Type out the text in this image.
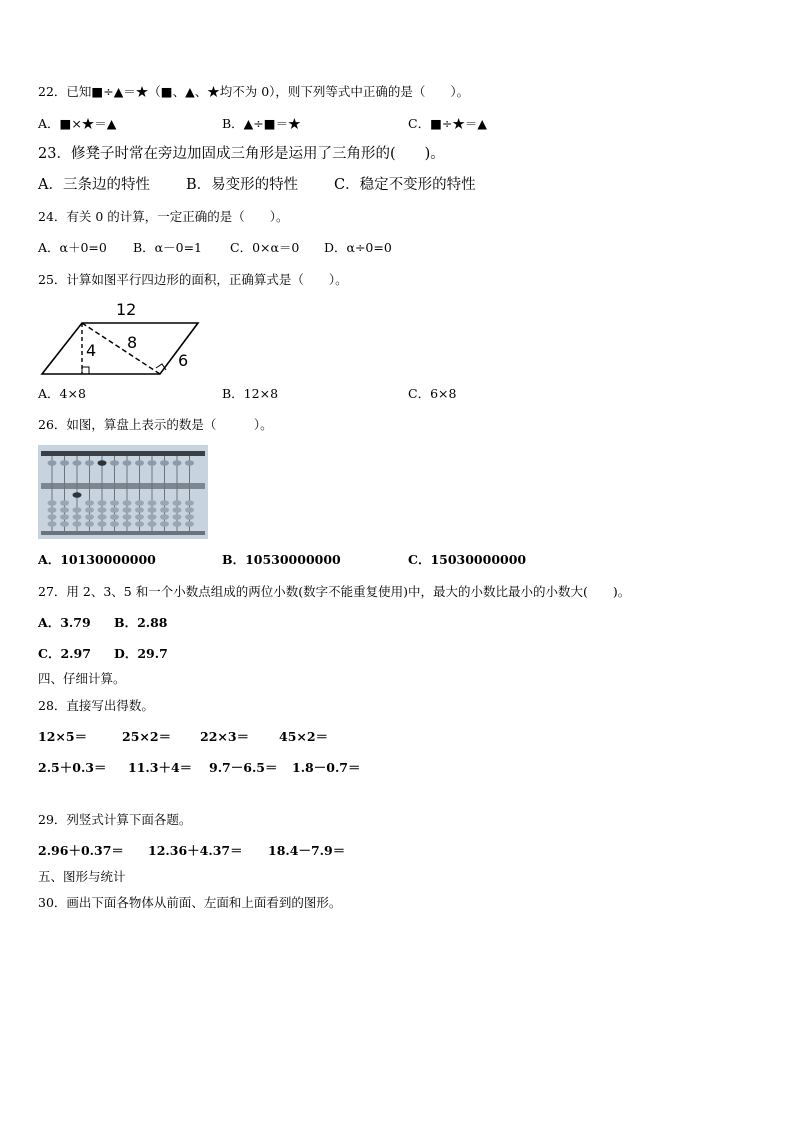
22．已知■÷▲＝★（■、▲、★均不为 0），则下列等式中正确的是（　　）。
A．■×★＝▲	B．▲÷■＝★	C．■÷★＝▲
23．修凳子时常在旁边加固成三角形是运用了三角形的(　　)。
A．三条边的特性 B．易变形的特性 C．稳定不变形的特性
24．有关 0 的计算，一定正确的是（　　）。
A．α＋0=0 B．α－0=1 C．0×α＝0 D．α÷0=0
25．计算如图平行四边形的面积，正确算式是（　　）。
12
8
4
6
A．4×8	B．12×8	C．6×8
26．如图，算盘上表示的数是（　　　）。
A．10130000000	B．10530000000	C．15030000000
27．用 2、3、5 和一个小数点组成的两位小数(数字不能重复使用)中，最大的小数比最小的小数大(　　)。
A．3.79 B．2.88
C．2.97 D．29.7
四、仔细计算。
28．直接写出得数。
12×5＝	25×2＝ 22×3＝ 45×2＝
2.5＋0.3＝ 11.3＋4＝ 9.7－6.5＝ 1.8－0.7＝
29．列竖式计算下面各题。
2.96＋0.37＝ 12.36＋4.37＝ 18.4－7.9＝
五、图形与统计
30．画出下面各物体从前面、左面和上面看到的图形。
